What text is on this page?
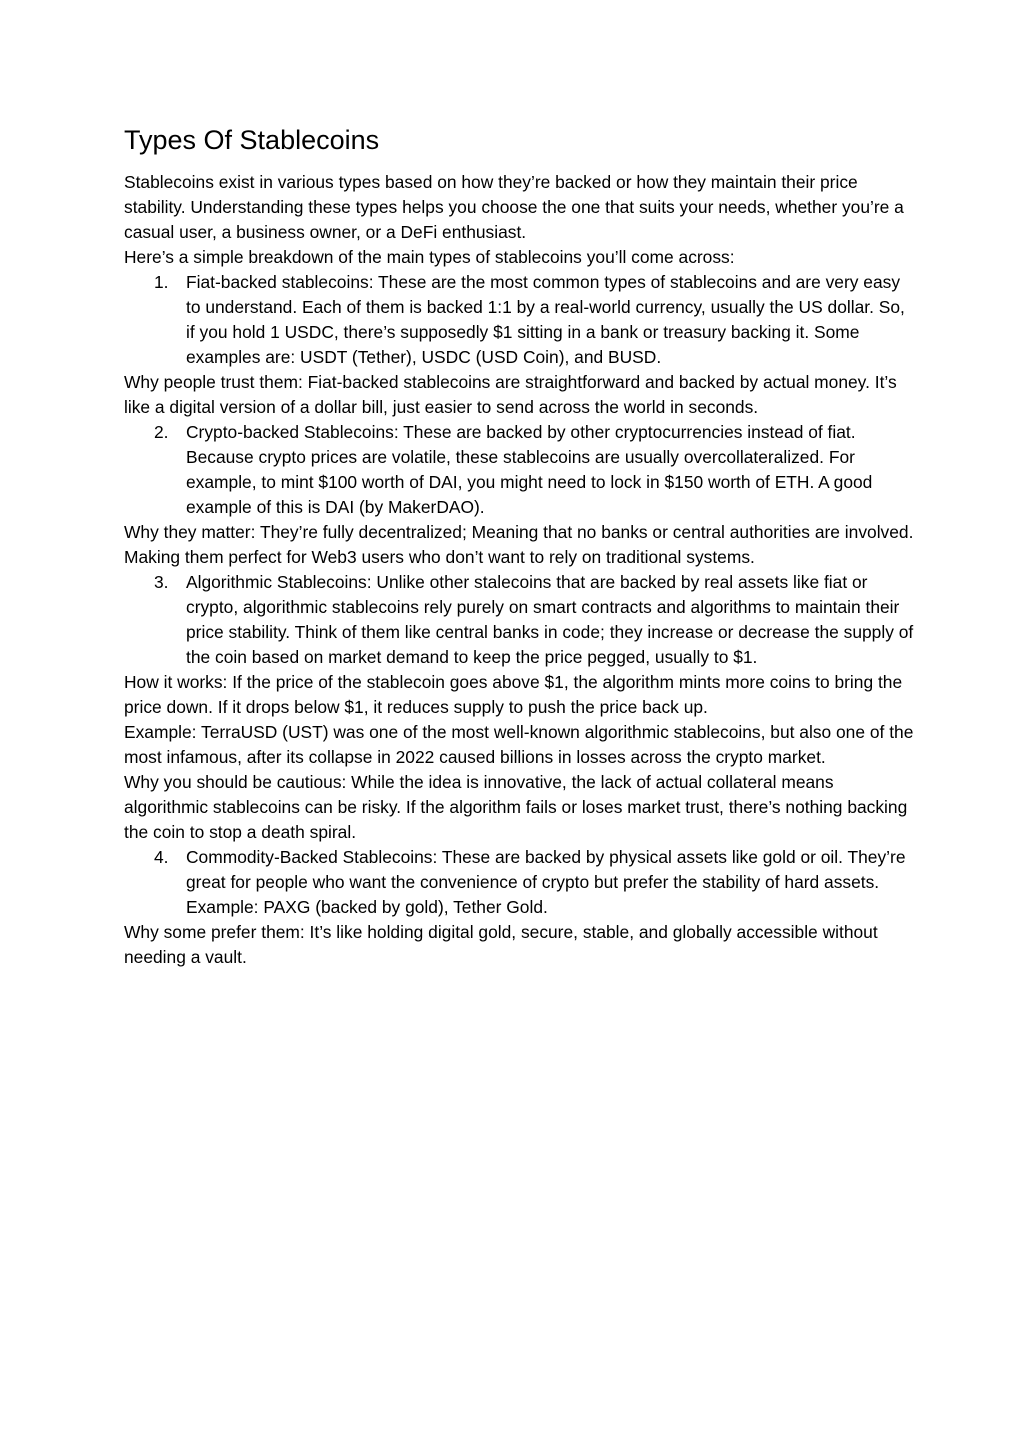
Types Of Stablecoins

Stablecoins exist in various types based on how they’re backed or how they maintain their price stability. Understanding these types helps you choose the one that suits your needs, whether you’re a casual user, a business owner, or a DeFi enthusiast.

Here’s a simple breakdown of the main types of stablecoins you’ll come across:

1. Fiat-backed stablecoins: These are the most common types of stablecoins and are very easy to understand. Each of them is backed 1:1 by a real-world currency, usually the US dollar. So, if you hold 1 USDC, there’s supposedly $1 sitting in a bank or treasury backing it. Some examples are: USDT (Tether), USDC (USD Coin), and BUSD.

Why people trust them: Fiat-backed stablecoins are straightforward and backed by actual money. It’s like a digital version of a dollar bill, just easier to send across the world in seconds.

2. Crypto-backed Stablecoins: These are backed by other cryptocurrencies instead of fiat. Because crypto prices are volatile, these stablecoins are usually overcollateralized. For example, to mint $100 worth of DAI, you might need to lock in $150 worth of ETH. A good example of this is DAI (by MakerDAO).

Why they matter: They’re fully decentralized; Meaning that no banks or central authorities are involved. Making them perfect for Web3 users who don’t want to rely on traditional systems.

3. Algorithmic Stablecoins: Unlike other stalecoins that are backed by real assets like fiat or crypto, algorithmic stablecoins rely purely on smart contracts and algorithms to maintain their price stability. Think of them like central banks in code; they increase or decrease the supply of the coin based on market demand to keep the price pegged, usually to $1.

How it works: If the price of the stablecoin goes above $1, the algorithm mints more coins to bring the price down. If it drops below $1, it reduces supply to push the price back up.

Example: TerraUSD (UST) was one of the most well-known algorithmic stablecoins, but also one of the most infamous, after its collapse in 2022 caused billions in losses across the crypto market.

Why you should be cautious: While the idea is innovative, the lack of actual collateral means algorithmic stablecoins can be risky. If the algorithm fails or loses market trust, there’s nothing backing the coin to stop a death spiral.

4. Commodity-Backed Stablecoins: These are backed by physical assets like gold or oil. They’re great for people who want the convenience of crypto but prefer the stability of hard assets. Example: PAXG (backed by gold), Tether Gold.

Why some prefer them: It’s like holding digital gold, secure, stable, and globally accessible without needing a vault.
